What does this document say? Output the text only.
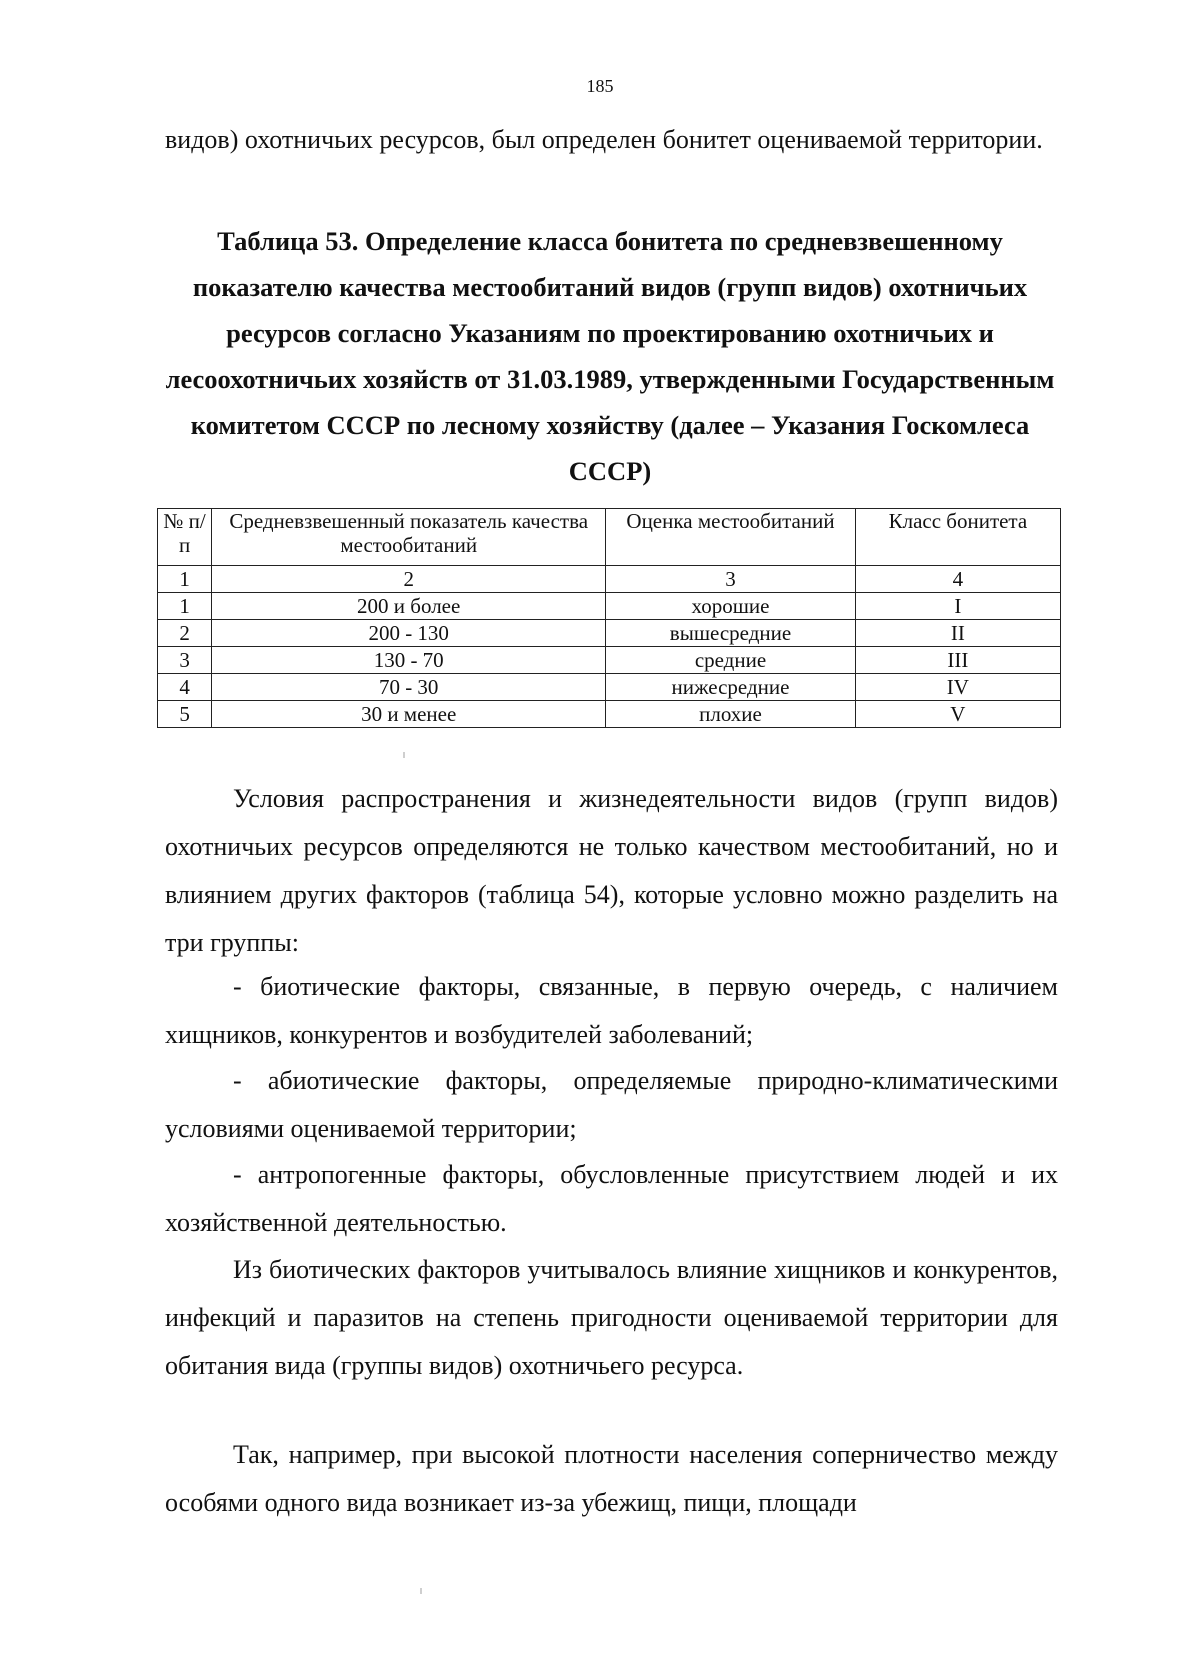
185

видов) охотничьих ресурсов, был определен бонитет оцениваемой территории.

Таблица 53. Определение класса бонитета по средневзвешенному показателю качества местообитаний видов (групп видов) охотничьих ресурсов согласно Указаниям по проектированию охотничьих и лесоохотничьих хозяйств от 31.03.1989, утвержденными Государственным комитетом СССР по лесному хозяйству (далее – Указания Госкомлеса СССР)

№ п/п	Средневзвешенный показатель качества местообитаний	Оценка местообитаний	Класс бонитета
1	2	3	4
1	200 и более	хорошие	I
2	200 - 130	вышесредние	II
3	130 - 70	средние	III
4	70 - 30	нижесредние	IV
5	30 и менее	плохие	V

Условия распространения и жизнедеятельности видов (групп видов) охотничьих ресурсов определяются не только качеством местообитаний, но и влиянием других факторов (таблица 54), которые условно можно разделить на три группы:

- биотические факторы, связанные, в первую очередь, с наличием хищников, конкурентов и возбудителей заболеваний;

- абиотические факторы, определяемые природно-климатическими условиями оцениваемой территории;

- антропогенные факторы, обусловленные присутствием людей и их хозяйственной деятельностью.

Из биотических факторов учитывалось влияние хищников и конкурентов, инфекций и паразитов на степень пригодности оцениваемой территории для обитания вида (группы видов) охотничьего ресурса.

Так, например, при высокой плотности населения соперничество между особями одного вида возникает из-за убежищ, пищи, площади
